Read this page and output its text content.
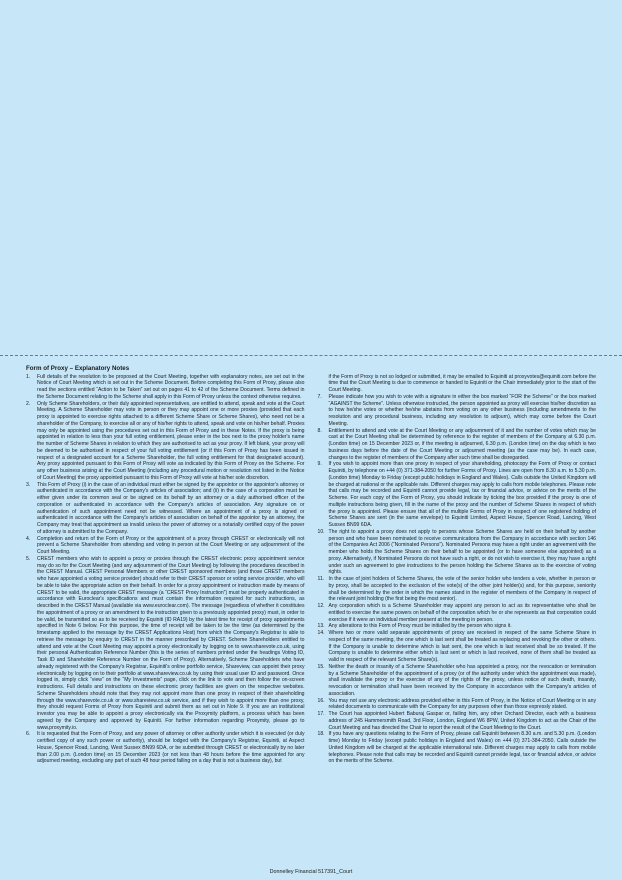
Form of Proxy – Explanatory Notes
1.	Full details of the resolution to be proposed at the Court Meeting, together with explanatory notes, are set out in the Notice of Court Meeting which is set out in the Scheme Document. Before completing this Form of Proxy, please also read the sections entitled “Action to be Taken” set out on pages 41 to 42 of the Scheme Document. Terms defined in the Scheme Document relating to the Scheme shall apply in this Form of Proxy unless the context otherwise requires.
2.	Only Scheme Shareholders, or their duly appointed representatives, are entitled to attend, speak and vote at the Court Meeting. A Scheme Shareholder may vote in person or they may appoint one or more proxies (provided that each proxy is appointed to exercise rights attached to a different Scheme Share or Scheme Shares), who need not be a shareholder of the Company, to exercise all or any of his/her rights to attend, speak and vote on his/her behalf. Proxies may only be appointed using the procedures set out in this Form of Proxy and in these Notes. If the proxy is being appointed in relation to less than your full voting entitlement, please enter in the box next to the proxy holder's name the number of Scheme Shares in relation to which they are authorised to act as your proxy. If left blank, your proxy will be deemed to be authorised in respect of your full voting entitlement (or if this Form of Proxy has been issued in respect of a designated account for a Scheme Shareholder, the full voting entitlement for that designated account). Any proxy appointed pursuant to this Form of Proxy will vote as indicated by this Form of Proxy on the Scheme. For any other business arising at the Court Meeting (including any procedural motion or resolution not listed in the Notice of Court Meeting) the proxy appointed pursuant to this Form of Proxy will vote at his/her sole discretion.
3.	This Form of Proxy (i) in the case of an individual must either be signed by the appointor or the appointor's attorney or authenticated in accordance with the Company's articles of association; and (ii) in the case of a corporation must be either given under its common seal or be signed on its behalf by an attorney or a duly authorised officer of the corporation or authenticated in accordance with the Company's articles of association. Any signature on or authentication of such appointment need not be witnessed. Where an appointment of a proxy is signed or authenticated in accordance with the Company's articles of association on behalf of the appointor by an attorney, the Company may treat that appointment as invalid unless the power of attorney or a notarially certified copy of the power of attorney is submitted to the Company.
4.	Completion and return of the Form of Proxy or the appointment of a proxy through CREST or electronically will not prevent a Scheme Shareholder from attending and voting in person at the Court Meeting or any adjournment of the Court Meeting.
5.	CREST members who wish to appoint a proxy or proxies through the CREST electronic proxy appointment service may do so for the Court Meeting (and any adjournment of the Court Meeting) by following the procedures described in the CREST Manual. CREST Personal Members or other CREST sponsored members (and those CREST members who have appointed a voting service provider) should refer to their CREST sponsor or voting service provider, who will be able to take the appropriate action on their behalf. In order for a proxy appointment or instruction made by means of CREST to be valid, the appropriate CREST message (a “CREST Proxy Instruction”) must be properly authenticated in accordance with Euroclear's specifications and must contain the information required for such instructions, as described in the CREST Manual (available via www.euroclear.com). The message (regardless of whether it constitutes the appointment of a proxy or an amendment to the instruction given to a previously appointed proxy) must, in order to be valid, be transmitted so as to be received by Equiniti (ID RA19) by the latest time for receipt of proxy appointments specified in Note 6 below. For this purpose, the time of receipt will be taken to be the time (as determined by the timestamp applied to the message by the CREST Applications Host) from which the Company's Registrar is able to retrieve the message by enquiry to CREST in the manner prescribed by CREST. Scheme Shareholders entitled to attend and vote at the Court Meeting may appoint a proxy electronically by logging on to www.sharevote.co.uk, using their personal Authentication Reference Number (this is the series of numbers printed under the headings Voting ID, Task ID and Shareholder Reference Number on the Form of Proxy). Alternatively, Scheme Shareholders who have already registered with the Company's Registrar, Equiniti's online portfolio service, Shareview, can appoint their proxy electronically by logging on to their portfolio at www.shareview.co.uk by using their usual user ID and password. Once logged in, simply click “view” on the “My Investments” page, click on the link to vote and then follow the on-screen instructions. Full details and instructions on these electronic proxy facilities are given on the respective websites. Scheme Shareholders should note that they may not appoint more than one proxy in respect of their shareholding through the www.sharevote.co.uk or www.shareview.co.uk service, and if they wish to appoint more than one proxy, they should request Forms of Proxy from Equiniti and submit them as set out in Note 9. If you are an institutional investor you may be able to appoint a proxy electronically via the Proxymity platform, a process which has been agreed by the Company and approved by Equiniti. For further information regarding Proxymity, please go to www.proxymity.io.
6.	It is requested that the Form of Proxy, and any power of attorney or other authority under which it is executed (or duly certified copy of any such power or authority), should be lodged with the Company's Registrar, Equiniti, at Aspect House, Spencer Road, Lancing, West Sussex BN99 6DA, or be submitted through CREST or electronically by no later than 2.00 p.m. (London time) on 15 December 2023 (or not less than 48 hours before the time appointed for any adjourned meeting, excluding any part of such 48 hour period falling on a day that is not a business day), but
if the Form of Proxy is not so lodged or submitted, it may be emailed to Equiniti at proxyvotes@equiniti.com before the time that the Court Meeting is due to commence or handed to Equiniti or the Chair immediately prior to the start of the Court Meeting.
7.	Please indicate how you wish to vote with a signature in either the box marked “FOR the Scheme” or the box marked “AGAINST the Scheme”. Unless otherwise instructed, the person appointed as proxy will exercise his/her discretion as to how he/she votes or whether he/she abstains from voting on any other business (including amendments to the resolution and any procedural business, including any resolution to adjourn), which may come before the Court Meeting.
8.	Entitlement to attend and vote at the Court Meeting or any adjournment of it and the number of votes which may be cast at the Court Meeting shall be determined by reference to the register of members of the Company at 6.30 p.m. (London time) on 15 December 2023 or, if the meeting is adjourned, 6.30 p.m. (London time) on the day which is two business days before the date of the Court Meeting or adjourned meeting (as the case may be). In each case, changes to the register of members of the Company after such time shall be disregarded.
9.	If you wish to appoint more than one proxy in respect of your shareholding, photocopy the Form of Proxy or contact Equiniti, by telephone on +44 (0) 371-384-2050 for further Forms of Proxy. Lines are open from 8.30 a.m. to 5.30 p.m. (London time) Monday to Friday (except public holidays in England and Wales). Calls outside the United Kingdom will be charged at national or the applicable rate. Different charges may apply to calls from mobile telephones. Please note that calls may be recorded and Equiniti cannot provide legal, tax or financial advice, or advice on the merits of the Scheme. For each copy of the Form of Proxy, you should indicate by ticking the box provided if the proxy is one of multiple instructions being given, fill in the name of the proxy and the number of Scheme Shares in respect of which the proxy is appointed. Please ensure that all of the multiple Forms of Proxy in respect of one registered holding of Scheme Shares are sent (in the same envelope) to Equiniti Limited, Aspect House, Spencer Road, Lancing, West Sussex BN99 6DA.
10. The right to appoint a proxy does not apply to persons whose Scheme Shares are held on their behalf by another person and who have been nominated to receive communications from the Company in accordance with section 146 of the Companies Act 2006 (“Nominated Persons”). Nominated Persons may have a right under an agreement with the member who holds the Scheme Shares on their behalf to be appointed (or to have someone else appointed) as a proxy. Alternatively, if Nominated Persons do not have such a right, or do not wish to exercise it, they may have a right under such an agreement to give instructions to the person holding the Scheme Shares as to the exercise of voting rights.
11. In the case of joint holders of Scheme Shares, the vote of the senior holder who tenders a vote, whether in person or by proxy, shall be accepted to the exclusion of the vote(s) of the other joint holder(s) and, for this purpose, seniority shall be determined by the order in which the names stand in the register of members of the Company in respect of the relevant joint holding (the first being the most senior).
12. Any corporation which is a Scheme Shareholder may appoint any person to act as its representative who shall be entitled to exercise the same powers on behalf of the corporation which he or she represents as that corporation could exercise if it were an individual member present at the meeting in person.
13. Any alterations to this Form of Proxy must be initialled by the person who signs it.
14. Where two or more valid separate appointments of proxy are received in respect of the same Scheme Share in respect of the same meeting, the one which is last sent shall be treated as replacing and revoking the other or others. If the Company is unable to determine which is last sent, the one which is last received shall be so treated. If the Company is unable to determine either which is last sent or which is last received, none of them shall be treated as valid in respect of the relevant Scheme Share(s).
15. Neither the death or insanity of a Scheme Shareholder who has appointed a proxy, nor the revocation or termination by a Scheme Shareholder of the appointment of a proxy (or of the authority under which the appointment was made), shall invalidate the proxy or the exercise of any of the rights of the proxy, unless notice of such death, insanity, revocation or termination shall have been received by the Company in accordance with the Company's articles of association.
16. You may not use any electronic address provided either in this Form of Proxy, in the Notice of Court Meeting or in any related documents to communicate with the Company for any purposes other than those expressly stated.
17. The Court has appointed Hubert Baburaj Gaspar or, failing him, any other Orchard Director, each with a business address of 245 Hammersmith Road, 3rd Floor, London, England W6 8PW, United Kingdom to act as the Chair of the Court Meeting and has directed the Chair to report the result of the Court Meeting to the Court.
18. If you have any questions relating to the Form of Proxy, please call Equiniti between 8.30 a.m. and 5.30 p.m. (London time) Monday to Friday (except public holidays in England and Wales) on +44 (0) 371-384-2050. Calls outside the United Kingdom will be charged at the applicable international rate. Different charges may apply to calls from mobile telephones. Please note that calls may be recorded and Equiniti cannot provide legal, tax or financial advice, or advice on the merits of the Scheme.
Donnelley Financial 517391_Court
